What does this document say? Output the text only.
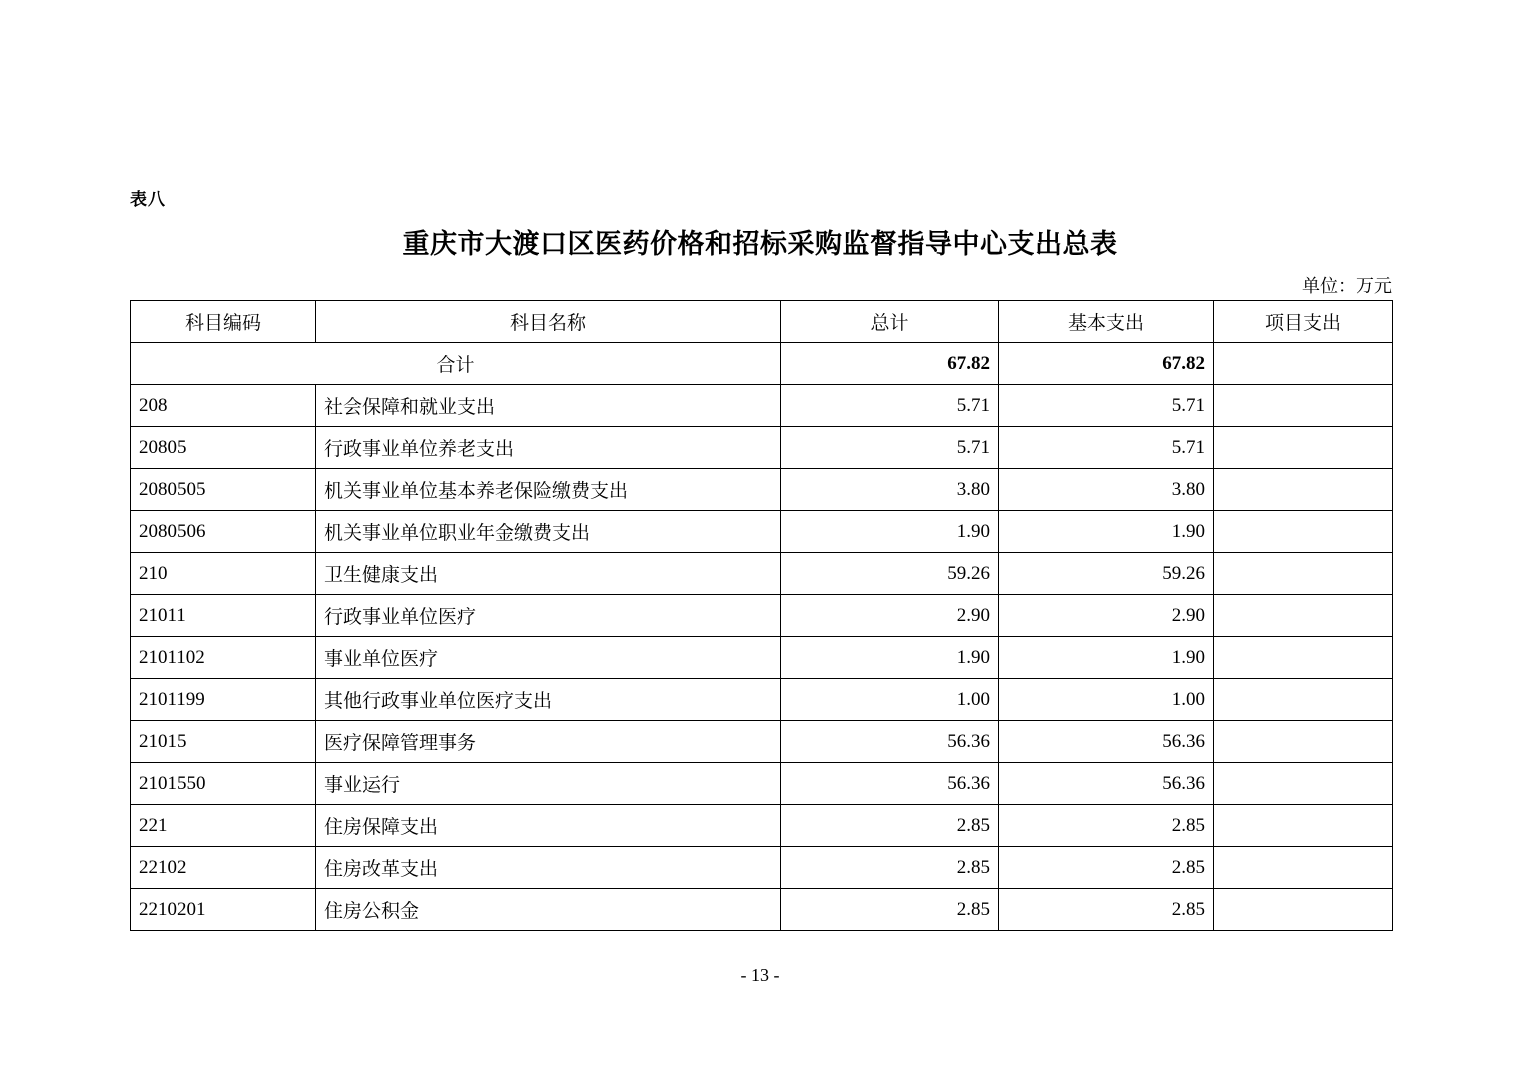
表八
重庆市大渡口区医药价格和招标采购监督指导中心支出总表
单位：万元
科目编码	科目名称	总计	基本支出	项目支出
合计		67.82	67.82	
208	社会保障和就业支出	5.71	5.71	
20805	行政事业单位养老支出	5.71	5.71	
2080505	机关事业单位基本养老保险缴费支出	3.80	3.80	
2080506	机关事业单位职业年金缴费支出	1.90	1.90	
210	卫生健康支出	59.26	59.26	
21011	行政事业单位医疗	2.90	2.90	
2101102	事业单位医疗	1.90	1.90	
2101199	其他行政事业单位医疗支出	1.00	1.00	
21015	医疗保障管理事务	56.36	56.36	
2101550	事业运行	56.36	56.36	
221	住房保障支出	2.85	2.85	
22102	住房改革支出	2.85	2.85	
2210201	住房公积金	2.85	2.85	
- 13 -
